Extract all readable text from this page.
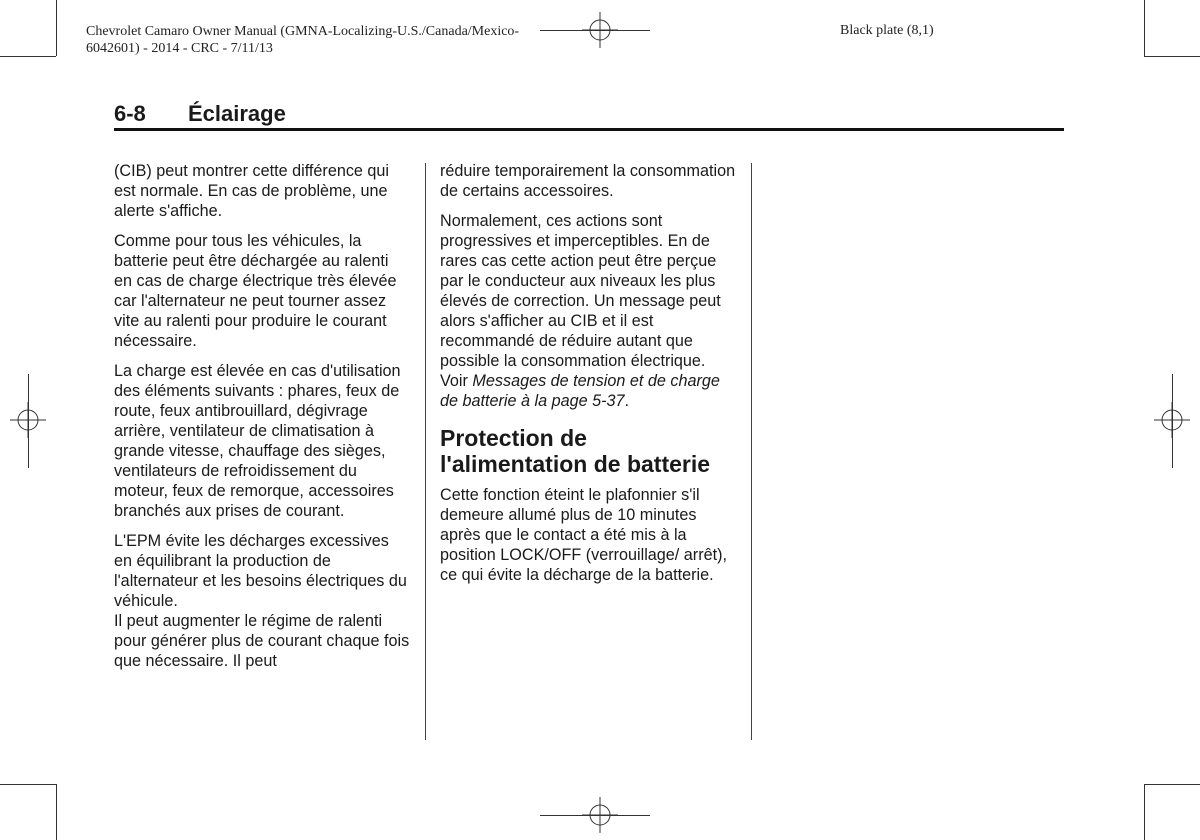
Chevrolet Camaro Owner Manual (GMNA-Localizing-U.S./Canada/Mexico-
6042601) - 2014 - CRC - 7/11/13
Black plate (8,1)
6-8 Éclairage

(CIB) peut montrer cette différence qui est normale. En cas de problème, une alerte s'affiche.

Comme pour tous les véhicules, la batterie peut être déchargée au ralenti en cas de charge électrique très élevée car l'alternateur ne peut tourner assez vite au ralenti pour produire le courant nécessaire.

La charge est élevée en cas d'utilisation des éléments suivants : phares, feux de route, feux antibrouillard, dégivrage arrière, ventilateur de climatisation à grande vitesse, chauffage des sièges, ventilateurs de refroidissement du moteur, feux de remorque, accessoires branchés aux prises de courant.

L'EPM évite les décharges excessives en équilibrant la production de l'alternateur et les besoins électriques du véhicule.

Il peut augmenter le régime de ralenti pour générer plus de courant chaque fois que nécessaire. Il peut

réduire temporairement la consommation de certains accessoires.

Normalement, ces actions sont progressives et imperceptibles. En de rares cas cette action peut être perçue par le conducteur aux niveaux les plus élevés de correction. Un message peut alors s'afficher au CIB et il est recommandé de réduire autant que possible la consommation électrique. Voir Messages de tension et de charge de batterie à la page 5-37.

Protection de l'alimentation de batterie

Cette fonction éteint le plafonnier s'il demeure allumé plus de 10 minutes après que le contact a été mis à la position LOCK/OFF (verrouillage/ arrêt), ce qui évite la décharge de la batterie.
